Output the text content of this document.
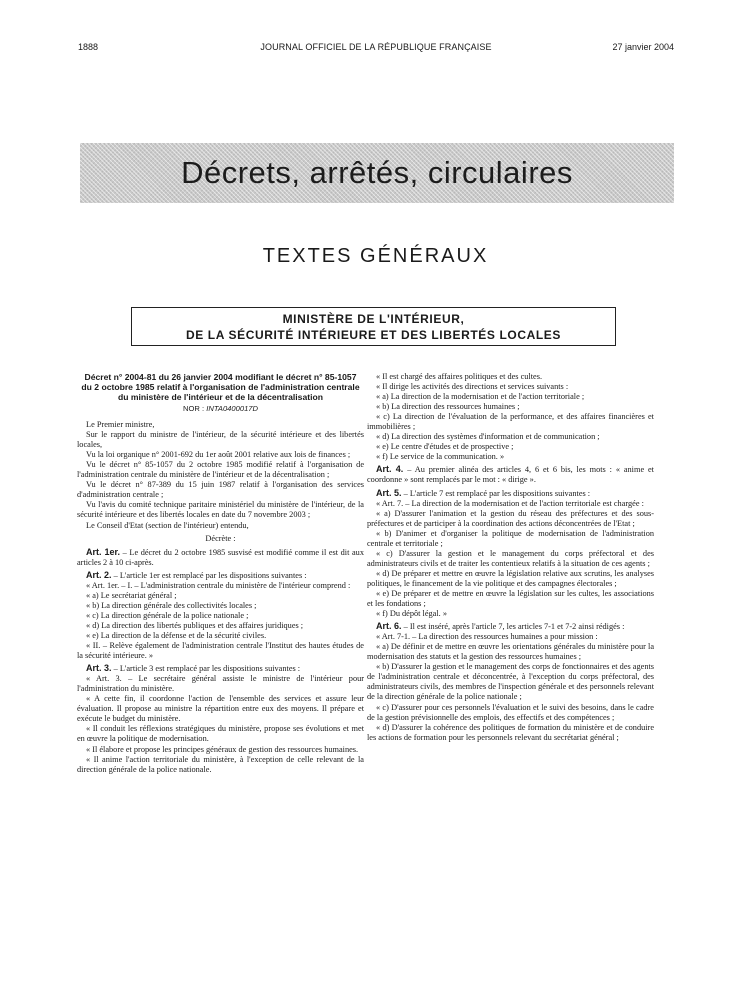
1888	JOURNAL OFFICIEL DE LA RÉPUBLIQUE FRANÇAISE	27 janvier 2004
Décrets, arrêtés, circulaires
TEXTES GÉNÉRAUX
MINISTÈRE DE L'INTÉRIEUR,
DE LA SÉCURITÉ INTÉRIEURE ET DES LIBERTÉS LOCALES
Décret n° 2004-81 du 26 janvier 2004 modifiant le décret n° 85-1057 du 2 octobre 1985 relatif à l'organisation de l'administration centrale du ministère de l'intérieur et de la décentralisation
NOR : INTA0400017D

Le Premier ministre,

Sur le rapport du ministre de l'intérieur, de la sécurité intérieure et des libertés locales,

Vu la loi organique n° 2001-692 du 1er août 2001 relative aux lois de finances ;

Vu le décret n° 85-1057 du 2 octobre 1985 modifié relatif à l'organisation de l'administration centrale du ministère de l'intérieur et de la décentralisation ;

Vu le décret n° 87-389 du 15 juin 1987 relatif à l'organisation des services d'administration centrale ;

Vu l'avis du comité technique paritaire ministériel du ministère de l'intérieur, de la sécurité intérieure et des libertés locales en date du 7 novembre 2003 ;

Le Conseil d'Etat (section de l'intérieur) entendu,

Décrète :

Art. 1er. – Le décret du 2 octobre 1985 susvisé est modifié comme il est dit aux articles 2 à 10 ci-après.

Art. 2. – L'article 1er est remplacé par les dispositions suivantes :

« Art. 1er. – I. – L'administration centrale du ministère de l'intérieur comprend :

« a) Le secrétariat général ;

« b) La direction générale des collectivités locales ;

« c) La direction générale de la police nationale ;

« d) La direction des libertés publiques et des affaires juridiques ;

« e) La direction de la défense et de la sécurité civiles.

« II. – Relève également de l'administration centrale l'Institut des hautes études de la sécurité intérieure. »

Art. 3. – L'article 3 est remplacé par les dispositions suivantes :

« Art. 3. – Le secrétaire général assiste le ministre de l'intérieur pour l'administration du ministère.

« A cette fin, il coordonne l'action de l'ensemble des services et assure leur évaluation. Il propose au ministre la répartition entre eux des moyens. Il prépare et exécute le budget du ministère.

« Il conduit les réflexions stratégiques du ministère, propose ses évolutions et met en œuvre la politique de modernisation.

« Il élabore et propose les principes généraux de gestion des ressources humaines.

« Il anime l'action territoriale du ministère, à l'exception de celle relevant de la direction générale de la police nationale.

« Il est chargé des affaires politiques et des cultes.

« Il dirige les activités des directions et services suivants :

« a) La direction de la modernisation et de l'action territoriale ;

« b) La direction des ressources humaines ;

« c) La direction de l'évaluation de la performance, et des affaires financières et immobilières ;

« d) La direction des systèmes d'information et de communication ;

« e) Le centre d'études et de prospective ;

« f) Le service de la communication. »

Art. 4. – Au premier alinéa des articles 4, 6 et 6 bis, les mots : « anime et coordonne » sont remplacés par le mot : « dirige ».

Art. 5. – L'article 7 est remplacé par les dispositions suivantes :

« Art. 7. – La direction de la modernisation et de l'action territoriale est chargée :

« a) D'assurer l'animation et la gestion du réseau des préfectures et des sous-préfectures et de participer à la coordination des actions déconcentrées de l'Etat ;

« b) D'animer et d'organiser la politique de modernisation de l'administration centrale et territoriale ;

« c) D'assurer la gestion et le management du corps préfectoral et des administrateurs civils et de traiter les contentieux relatifs à la situation de ces agents ;

« d) De préparer et mettre en œuvre la législation relative aux scrutins, les analyses politiques, le financement de la vie politique et des campagnes électorales ;

« e) De préparer et de mettre en œuvre la législation sur les cultes, les associations et les fondations ;

« f) Du dépôt légal. »

Art. 6. – Il est inséré, après l'article 7, les articles 7-1 et 7-2 ainsi rédigés :

« Art. 7-1. – La direction des ressources humaines a pour mission :

« a) De définir et de mettre en œuvre les orientations générales du ministère pour la modernisation des statuts et la gestion des ressources humaines ;

« b) D'assurer la gestion et le management des corps de fonctionnaires et des agents de l'administration centrale et déconcentrée, à l'exception du corps préfectoral, des administrateurs civils, des membres de l'inspection générale et des personnels relevant de la direction générale de la police nationale ;

« c) D'assurer pour ces personnels l'évaluation et le suivi des besoins, dans le cadre de la gestion prévisionnelle des emplois, des effectifs et des compétences ;

« d) D'assurer la cohérence des politiques de formation du ministère et de conduire les actions de formation pour les personnels relevant du secrétariat général ;
